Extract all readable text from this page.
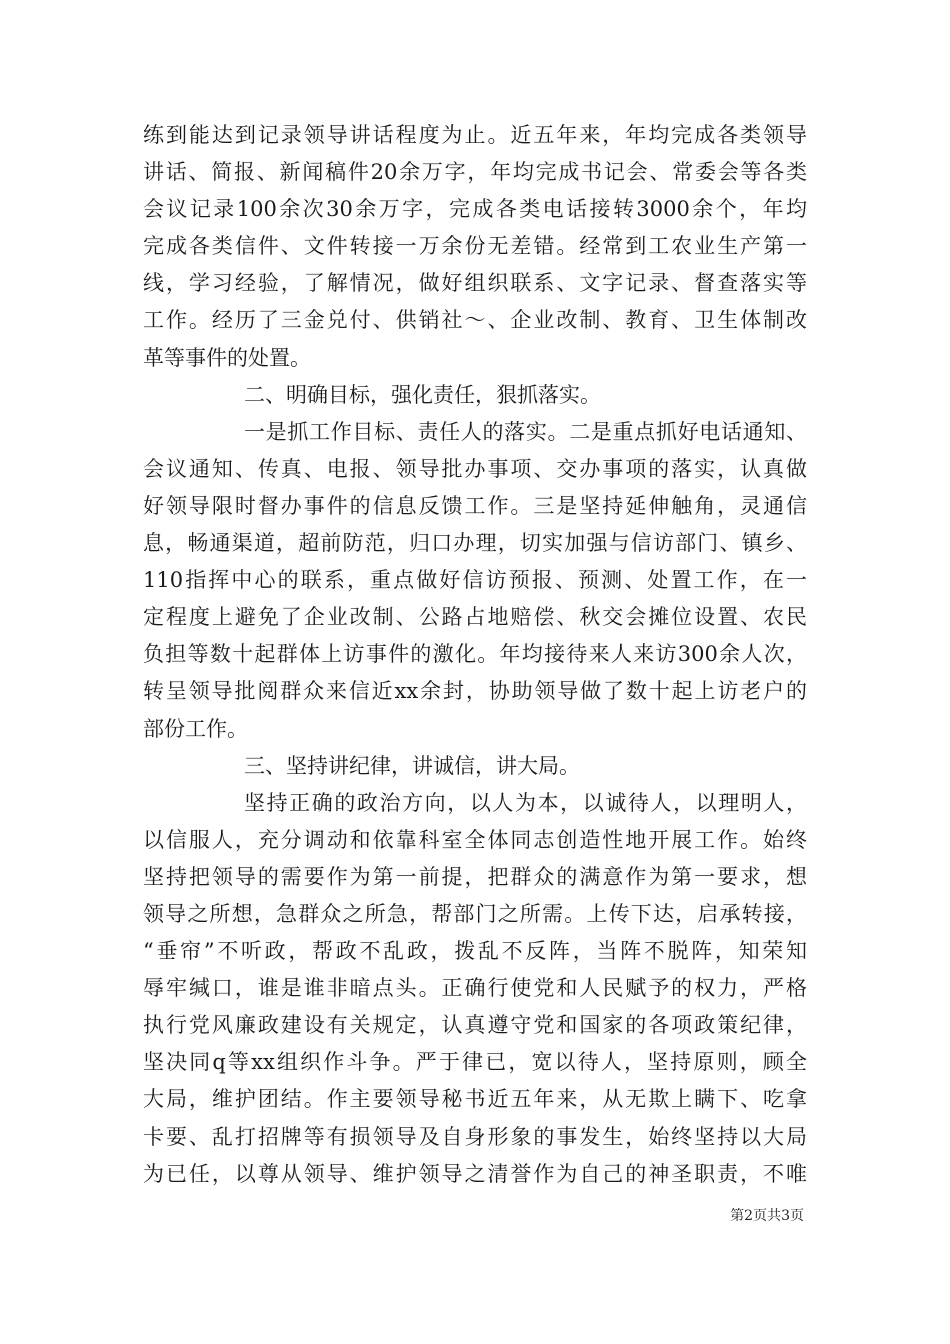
练到能达到记录领导讲话程度为止。近五年来，年均完成各类领导
讲话、简报、新闻稿件20余万字，年均完成书记会、常委会等各类
会议记录100余次30余万字，完成各类电话接转3000余个，年均
完成各类信件、文件转接一万余份无差错。经常到工农业生产第一
线，学习经验，了解情况，做好组织联系、文字记录、督查落实等
工作。经历了三金兑付、供销社～、企业改制、教育、卫生体制改
革等事件的处置。
二、明确目标，强化责任，狠抓落实。
一是抓工作目标、责任人的落实。二是重点抓好电话通知、
会议通知、传真、电报、领导批办事项、交办事项的落实，认真做
好领导限时督办事件的信息反馈工作。三是坚持延伸触角，灵通信
息，畅通渠道，超前防范，归口办理，切实加强与信访部门、镇乡、
110指挥中心的联系，重点做好信访预报、预测、处置工作，在一
定程度上避免了企业改制、公路占地赔偿、秋交会摊位设置、农民
负担等数十起群体上访事件的激化。年均接待来人来访300余人次，
转呈领导批阅群众来信近xx余封，协助领导做了数十起上访老户的
部份工作。
三、坚持讲纪律，讲诚信，讲大局。
坚持正确的政治方向，以人为本，以诚待人，以理明人，
以信服人，充分调动和依靠科室全体同志创造性地开展工作。始终
坚持把领导的需要作为第一前提，把群众的满意作为第一要求，想
领导之所想，急群众之所急，帮部门之所需。上传下达，启承转接，
“垂帘”不听政，帮政不乱政，拨乱不反阵，当阵不脱阵，知荣知
辱牢缄口，谁是谁非暗点头。正确行使党和人民赋予的权力，严格
执行党风廉政建设有关规定，认真遵守党和国家的各项政策纪律，
坚决同q等xx组织作斗争。严于律已，宽以待人，坚持原则，顾全
大局，维护团结。作主要领导秘书近五年来，从无欺上瞒下、吃拿
卡要、乱打招牌等有损领导及自身形象的事发生，始终坚持以大局
为已任，以尊从领导、维护领导之清誉作为自己的神圣职责，不唯
第2页共3页
